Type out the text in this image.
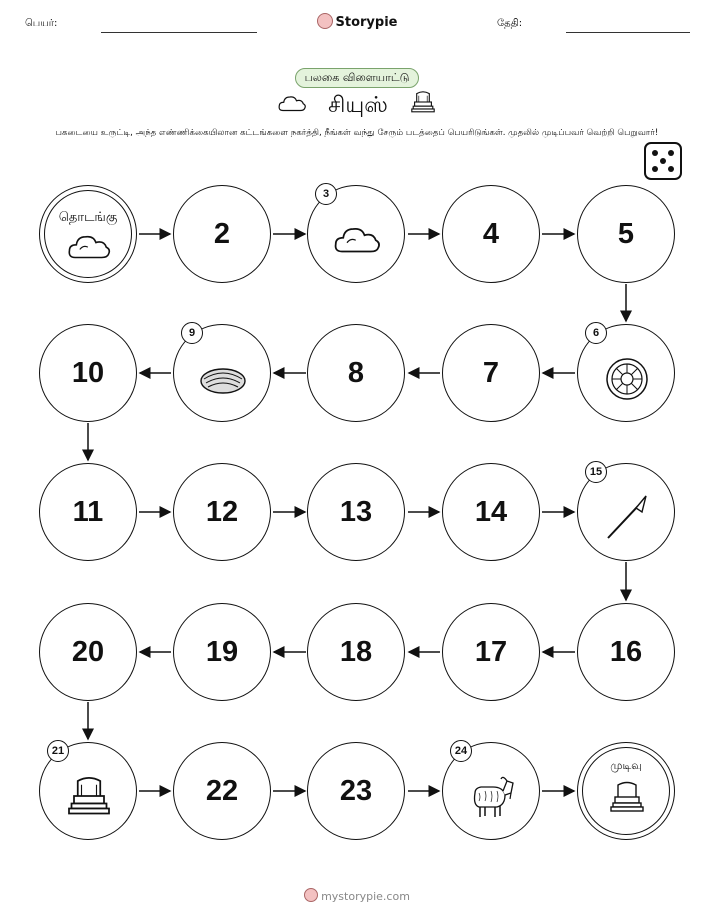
பெயர்:	Storypie	தேதி:
பலகை விளையாட்டு
சியுஸ்
பகடையை உருட்டி, அந்த எண்ணிக்கையிலான கட்டங்களை நகர்த்தி, நீங்கள் வந்து சேரும் படத்தைப் பெயரிடுங்கள். முதலில் முடிப்பவர் வெற்றி பெறுவார்!
தொடங்கு
2
3
4	5
10
9
8	7
6
11	12	13	14
15
20	19	18	17	16
21
22	23
24
முடிவு
mystorypie.com
